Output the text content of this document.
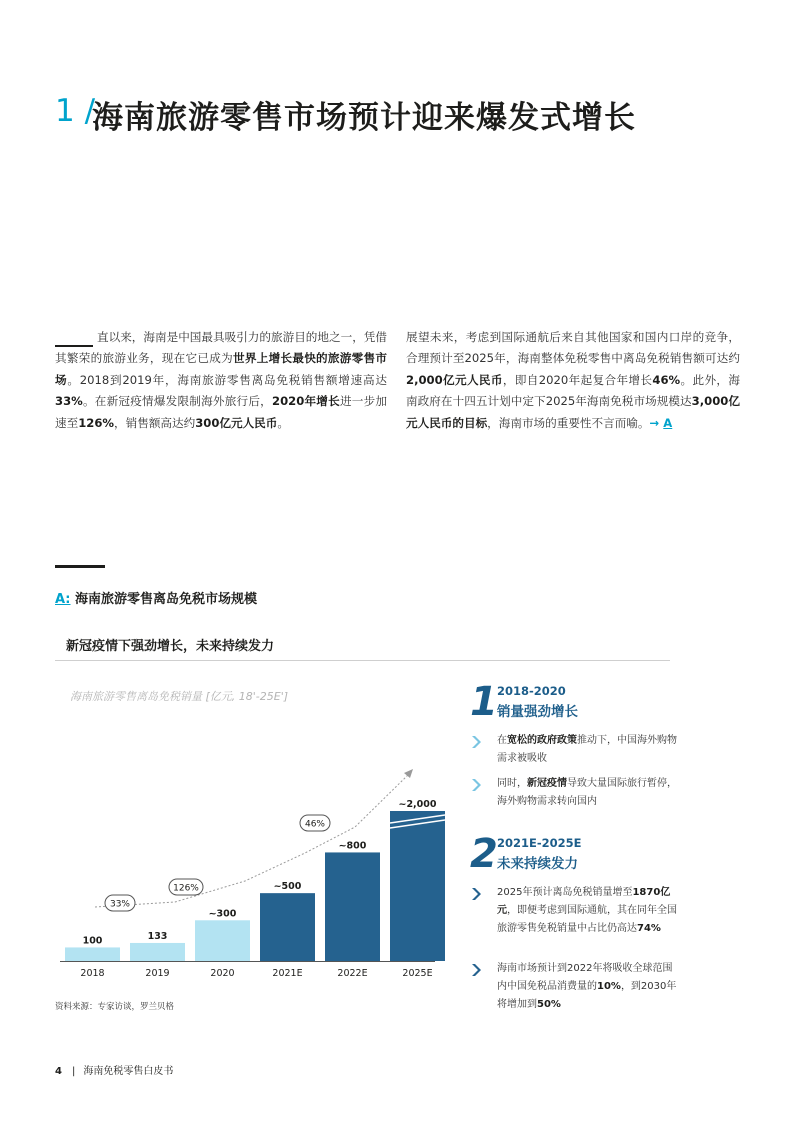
1 /
海南旅游零售市场预计迎来爆发式增长
直以来，海南是中国最具吸引力的旅游目的地之一，凭借其繁荣的旅游业务，现在它已成为世界上增长最快的旅游零售市场。2018到2019年，海南旅游零售离岛免税销售额增速高达33%。在新冠疫情爆发限制海外旅行后，2020年增长进一步加速至126%，销售额高达约300亿元人民币。
展望未来，考虑到国际通航后来自其他国家和国内口岸的竞争，合理预计至2025年，海南整体免税零售中离岛免税销售额可达约2,000亿元人民币，即自2020年起复合年增长46%。此外，海南政府在十四五计划中定下2025年海南免税市场规模达3,000亿元人民币的目标，海南市场的重要性不言而喻。→ A
A: 海南旅游零售离岛免税市场规模
新冠疫情下强劲增长，未来持续发力
海南旅游零售离岛免税销量 [亿元, 18'-25E']
100
2018
133
2019
~300
2020
~500
2021E
~800
2022E
~2,000
2025E
33%
126%
46%
资料来源：专家访谈，罗兰贝格
1 2018-2020
销量强劲增长
在宽松的政府政策推动下，中国海外购物需求被吸收
同时，新冠疫情导致大量国际旅行暂停，海外购物需求转向国内
2 2021E-2025E
未来持续发力
2025年预计离岛免税销量增至1870亿元，即便考虑到国际通航，其在同年全国旅游零售免税销量中占比仍高达74%
海南市场预计到2022年将吸收全球范围内中国免税品消费量的10%，到2030年将增加到50%
4 | 海南免税零售白皮书
